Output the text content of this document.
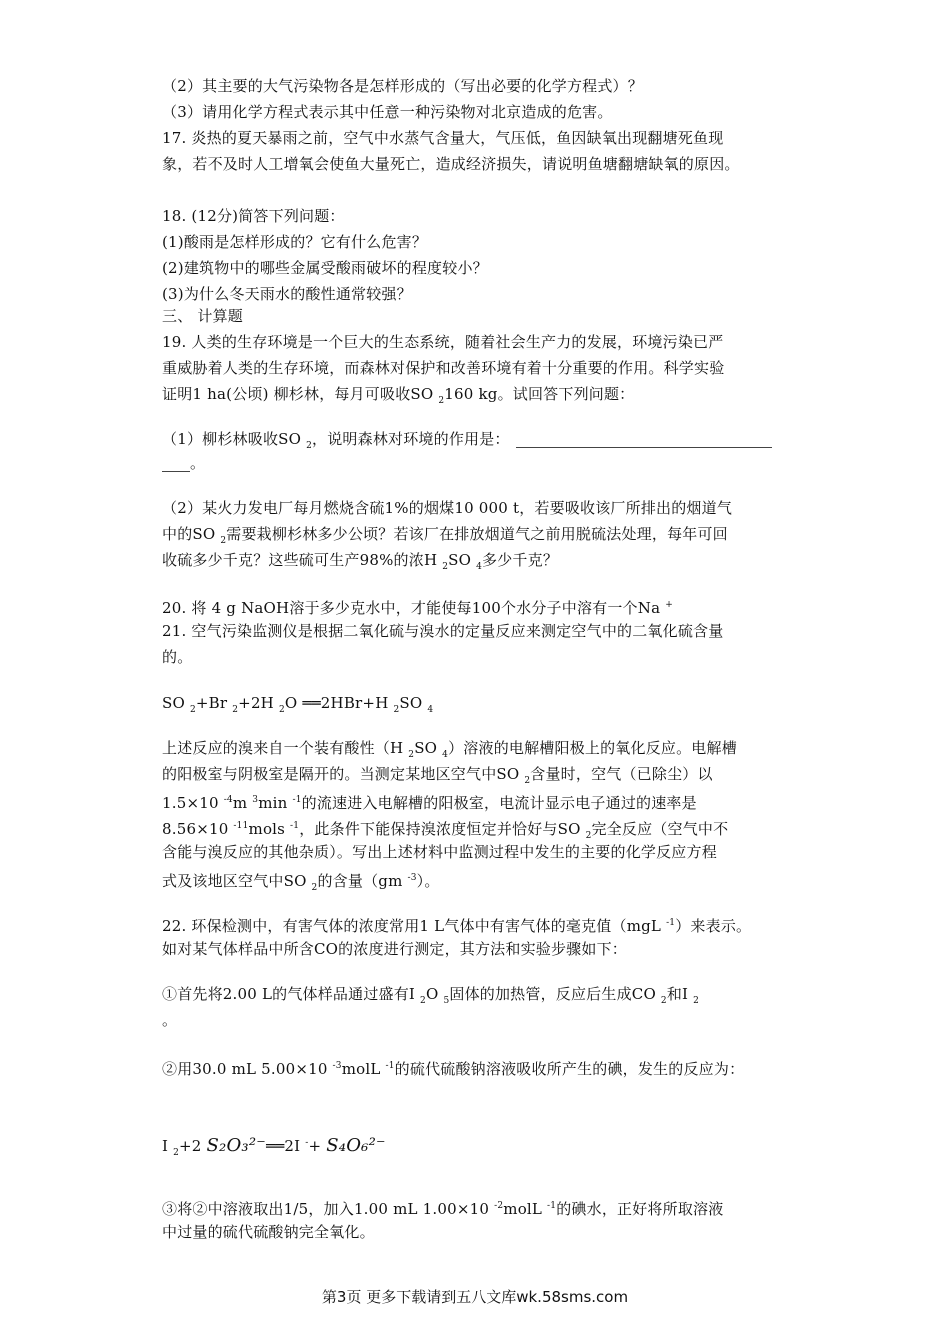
（2）其主要的大气污染物各是怎样形成的（写出必要的化学方程式）？
（3）请用化学方程式表示其中任意一种污染物对北京造成的危害。
17. 炎热的夏天暴雨之前，空气中水蒸气含量大，气压低，鱼因缺氧出现翻塘死鱼现
象，若不及时人工增氧会使鱼大量死亡，造成经济损失，请说明鱼塘翻塘缺氧的原因。
18. (12分)简答下列问题：
(1)酸雨是怎样形成的？它有什么危害？
(2)建筑物中的哪些金属受酸雨破坏的程度较小？
(3)为什么冬天雨水的酸性通常较强？
三、 计算题
19. 人类的生存环境是一个巨大的生态系统，随着社会生产力的发展，环境污染已严
重威胁着人类的生存环境，而森林对保护和改善环境有着十分重要的作用。科学实验
证明1 ha(公顷) 柳杉林，每月可吸收SO $_2$160 kg。试回答下列问题：
（1）柳杉林吸收SO $_2$，说明森林对环境的作用是：
。
（2）某火力发电厂每月燃烧含硫1%的烟煤10 000 t，若要吸收该厂所排出的烟道气
中的SO $_2$需要栽柳杉林多少公顷？若该厂在排放烟道气之前用脱硫法处理，每年可回
收硫多少千克？这些硫可生产98%的浓H $_2$SO $_4$多少千克？
20. 将 4 g NaOH溶于多少克水中，才能使每100个水分子中溶有一个Na +
21. 空气污染监测仪是根据二氧化硫与溴水的定量反应来测定空气中的二氧化硫含量
的。
SO $_2$+Br $_2$+2H $_2$O ══2HBr+H $_2$SO $_4$
上述反应的溴来自一个装有酸性（H $_2$SO $_4$）溶液的电解槽阳极上的氧化反应。电解槽
的阳极室与阴极室是隔开的。当测定某地区空气中SO $_2$含量时，空气（已除尘）以
1.5×10 $^{-4}$m $^3$min $^{-1}$的流速进入电解槽的阳极室，电流计显示电子通过的速率是
8.56×10 $^{-11}$mols $^{-1}$，此条件下能保持溴浓度恒定并恰好与SO $_2$完全反应（空气中不
含能与溴反应的其他杂质）。写出上述材料中监测过程中发生的主要的化学反应方程
式及该地区空气中SO $_2$的含量（gm $^{-3}$）。
22. 环保检测中，有害气体的浓度常用1 L气体中有害气体的毫克值（mgL $^{-1}$）来表示。
如对某气体样品中所含CO的浓度进行测定，其方法和实验步骤如下：
①首先将2.00 L的气体样品通过盛有I $_2$O $_5$固体的加热管，反应后生成CO $_2$和I $_2$
。
②用30.0 mL 5.00×10 $^{-3}$molL $^{-1}$的硫代硫酸钠溶液吸收所产生的碘，发生的反应为：
I $_2$+2 S₂O₃²⁻══2I -+ S₄O₆²⁻
③将②中溶液取出1/5，加入1.00 mL 1.00×10 $^{-2}$molL $^{-1}$的碘水，正好将所取溶液
中过量的硫代硫酸钠完全氧化。
第3页 更多下载请到五八文库wk.58sms.com
